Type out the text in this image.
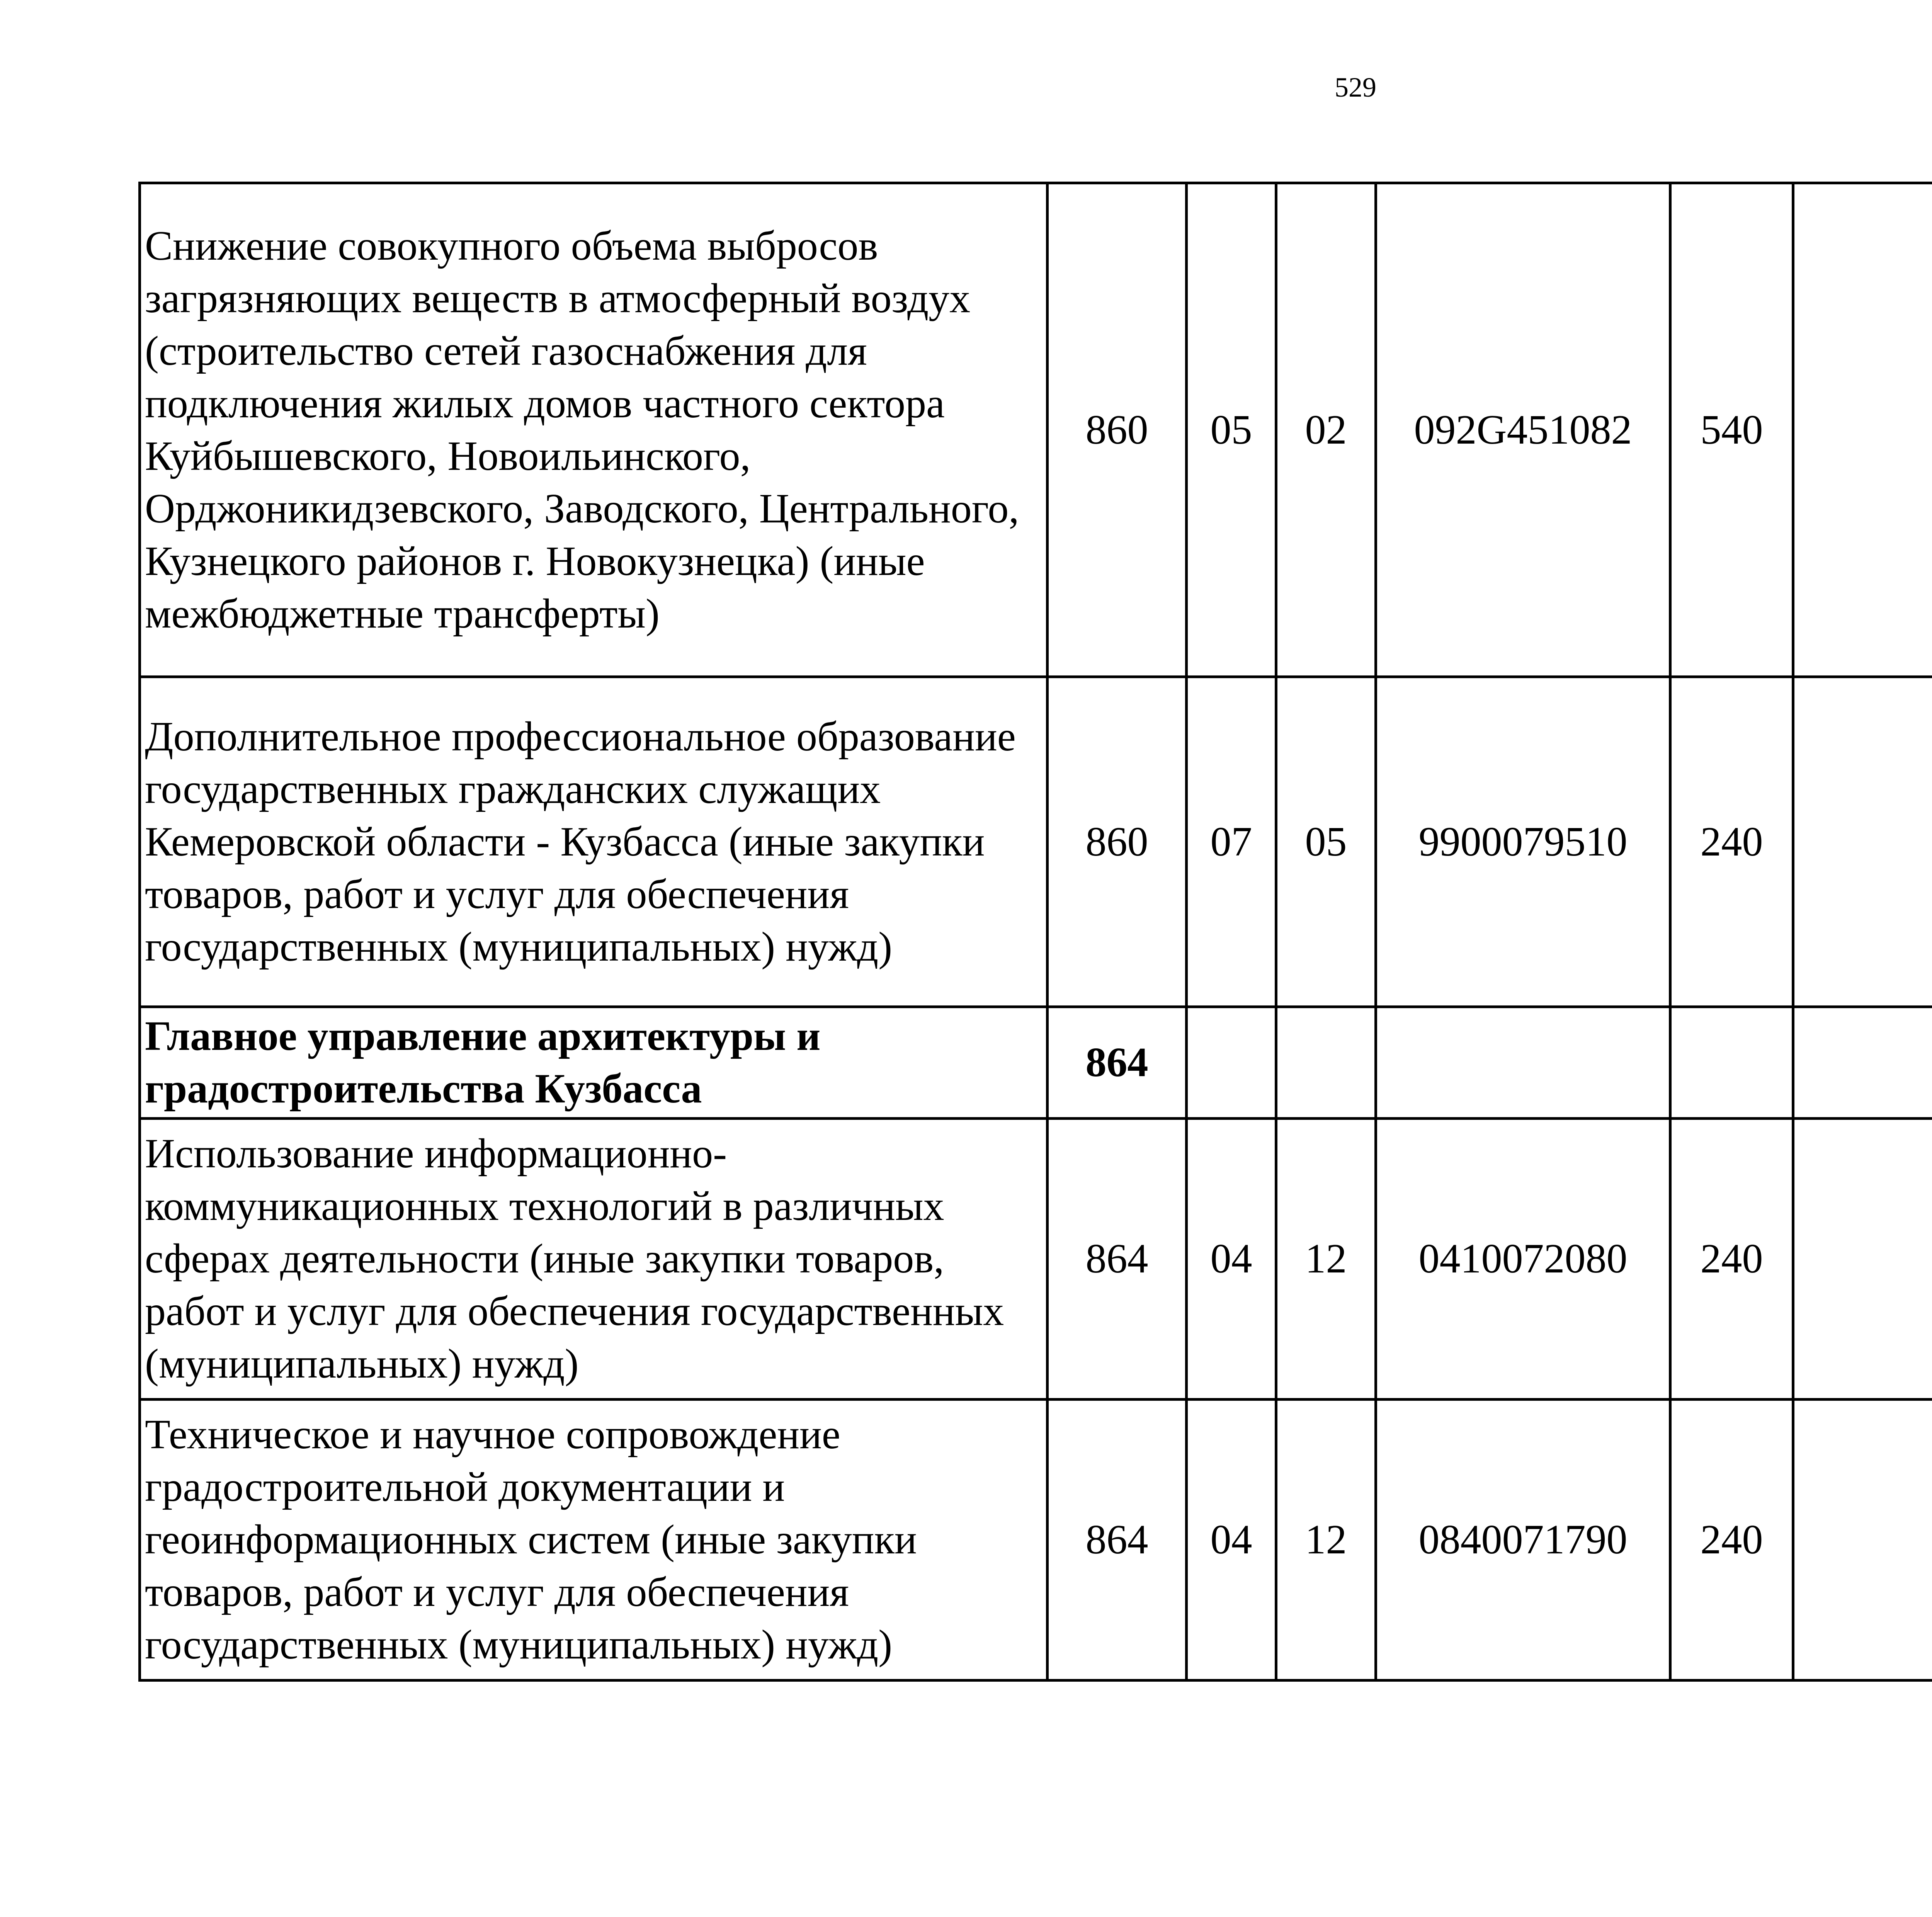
529
Снижение совокупного объема выбросов загрязняющих веществ в атмосферный воздух (строительство сетей газоснабжения для подключения жилых домов частного сектора Куйбышевского, Новоильинского, Орджоникидзевского, Заводского, Центрального, Кузнецкого районов г. Новокузнецка) (иные межбюджетные трансферты)	860	05	02	092G451082	540			
Дополнительное профессиональное образование государственных гражданских служащих Кемеровской области - Кузбасса (иные закупки товаров, работ и услуг для обеспечения государственных (муниципальных) нужд)	860	07	05	9900079510	240			
Главное управление архитектуры и градостроительства Кузбасса	864							
Использование информационно-коммуникационных технологий в различных сферах деятельности (иные закупки товаров, работ и услуг для обеспечения государственных (муниципальных) нужд)	864	04	12	0410072080	240			
Техническое и научное сопровождение градостроительной документации и геоинформационных систем (иные закупки товаров, работ и услуг для обеспечения государственных (муниципальных) нужд)	864	04	12	0840071790	240			
